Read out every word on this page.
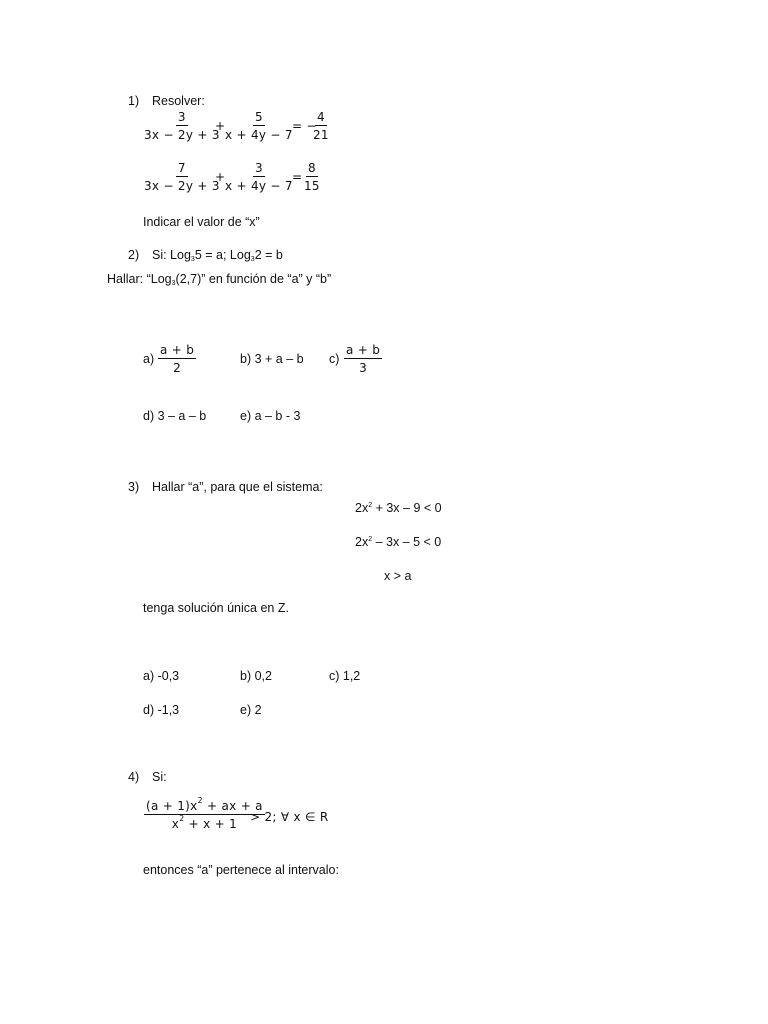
1) Resolver:
$\frac{3}{3x - 2y + 3}$
+ $\frac{5}{x + 4y - 7}$ = −
$\frac{4}{21}$
$\frac{7}{3x - 2y + 3}$
+ $\frac{3}{x + 4y - 7} = \frac{8}{15}$
Indicar el valor de “x”
2) Si: Log$_3$5 = a; Log$_3$2 = b
Hallar: “Log$_3$(2,7)” en función de “a” y “b”
$a) \frac{a + b}{2}$	b) 3 + a – b $c) \frac{a + b}{3}$
d) 3 – a – b	e) a – b - 3
3) Hallar “a”, para que el sistema:
$2x^2 + 3x - 9 < 0$
$2x^2 - 3x - 5 < 0$
x > a
tenga solución única en Z.
a) -0,3	b) 0,2	c) 1,2
d) -1,3	e) 2
4) Si:
$\frac{(a + 1)x^2 + ax + a}{x^2 + x + 1}$
> 2; ∀ x ∈ R
entonces “a” pertenece al intervalo:
